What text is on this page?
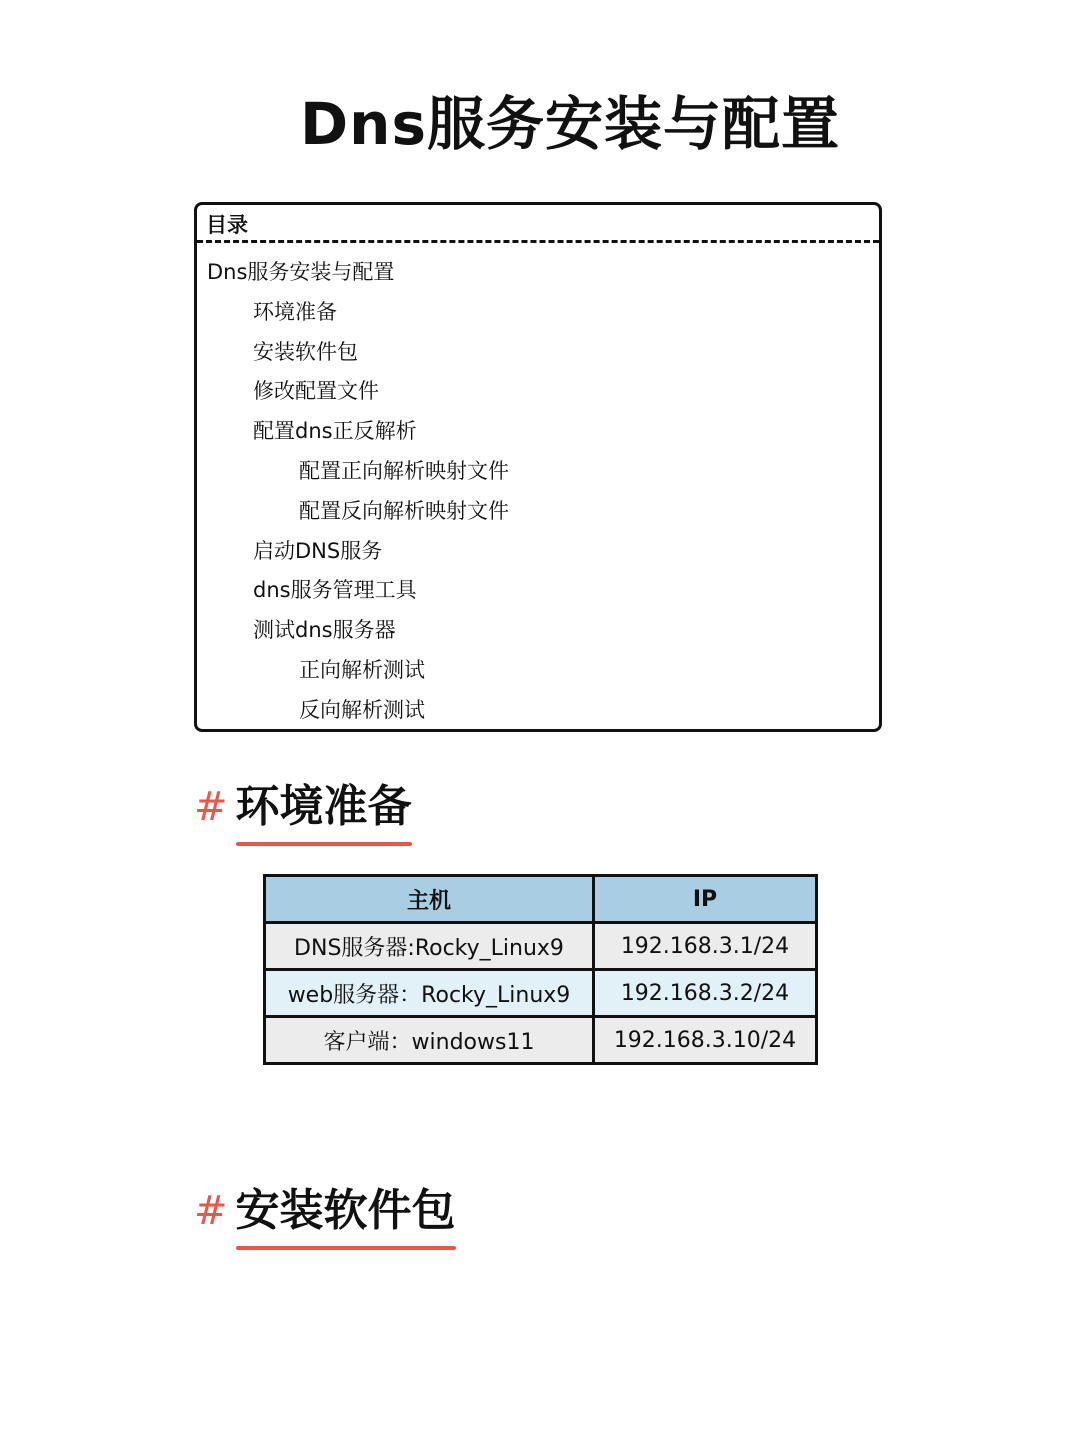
Dns服务安装与配置
目录
Dns服务安装与配置
环境准备
安装软件包
修改配置文件
配置dns正反解析
配置正向解析映射文件
配置反向解析映射文件
启动DNS服务
dns服务管理工具
测试dns服务器
正向解析测试
反向解析测试
# 环境准备
主机	IP
DNS服务器:Rocky_Linux9	192.168.3.1/24
web服务器：Rocky_Linux9	192.168.3.2/24
客户端：windows11	192.168.3.10/24
# 安装软件包
